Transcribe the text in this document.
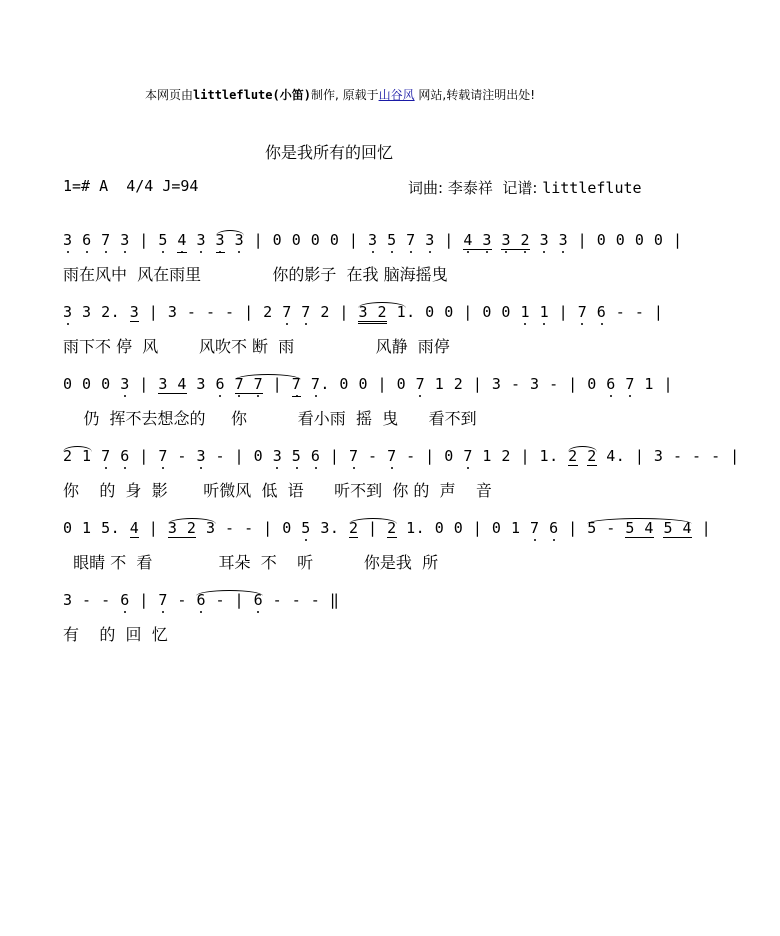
本网页由littleflute(小笛)制作, 原载于山谷风 网站,转载请注明出处!
你是我所有的回忆
1=# A  4/4 J=94	词曲: 李泰祥  记谱: littleflute
3 6 7 3 | 5 4 3 3 3 | 0 0 0 0 | 3 5 7 3 | 4 3 3 2 3 3 | 0 0 0 0 |
雨在风中  风在雨里              你的影子  在我 脑海摇曳
3 3 2. 3 | 3 - - - | 2 7 7 2 | 3 2 1. 0 0 | 0 0 1 1 | 7 6 - - |
雨下不 停  风        风吹不 断  雨                风静  雨停
0 0 0 3 | 3 4 3 6 7 7 | 7 7. 0 0 | 0 7 1 2 | 3 - 3 - | 0 6 7 1 |
仍  挥不去想念的     你          看小雨  摇  曳      看不到
2 1 7 6 | 7 - 3 - | 0 3 5 6 | 7 - 7 - | 0 7 1 2 | 1. 2 2 4. | 3 - - - |
你    的  身  影       听微风  低  语      听不到  你 的  声    音
0 1 5. 4 | 3 2 3 - - | 0 5 3. 2 | 2 1. 0 0 | 0 1 7 6 | 5 - 5 4 5 4 |
眼睛 不  看             耳朵  不    听          你是我  所
3 - - 6 | 7 - 6 - | 6 - - - ‖
有    的  回  忆
